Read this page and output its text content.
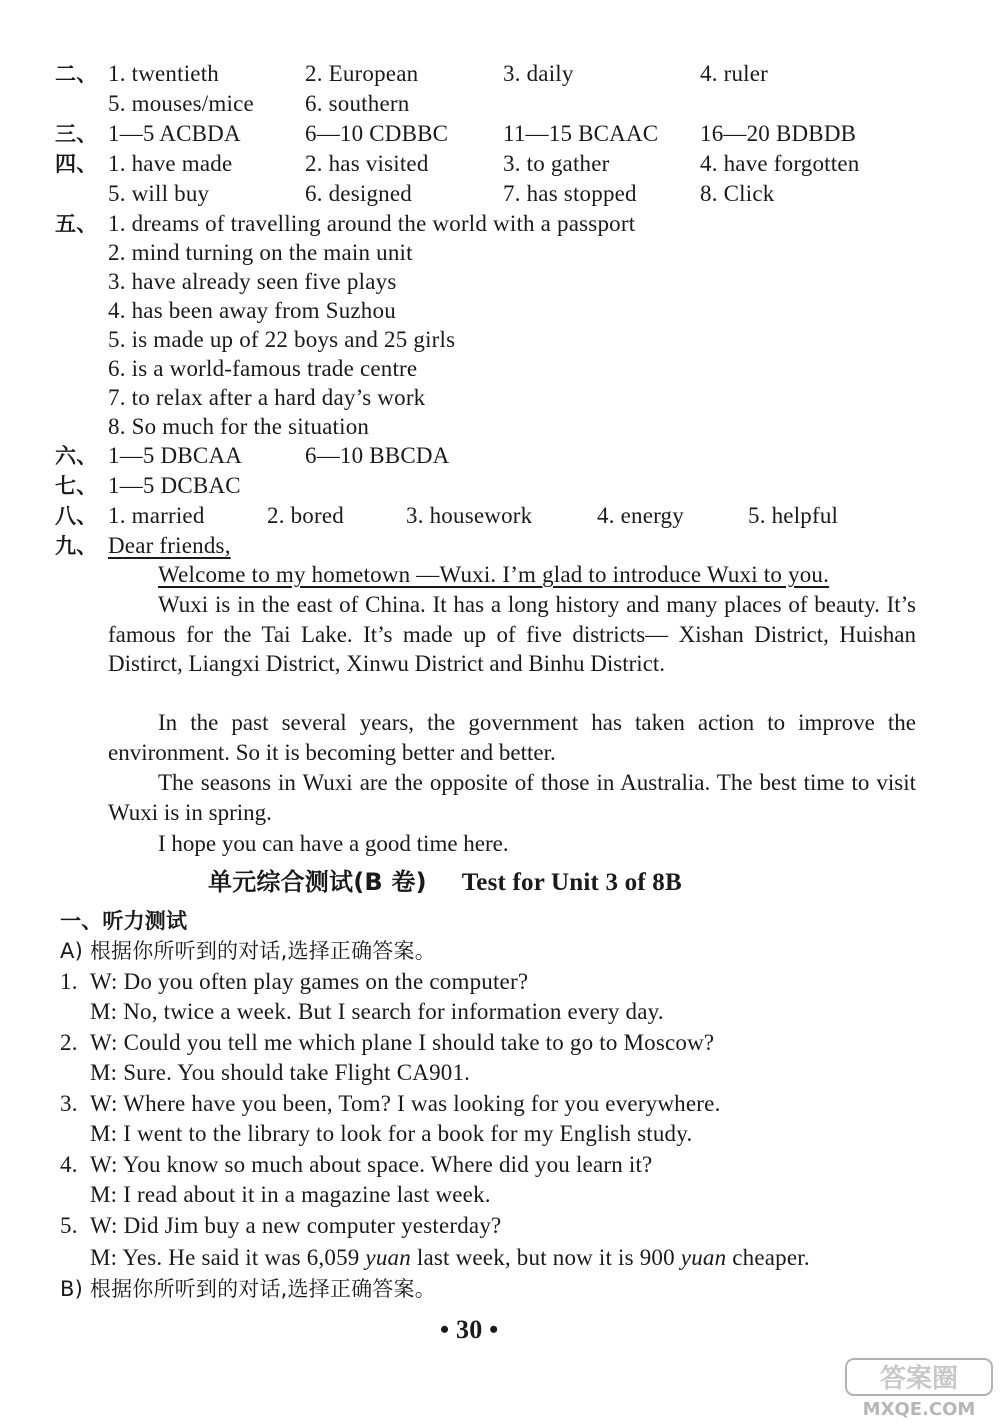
二、 1. twentieth	2. European	3. daily	4. ruler
5. mouses/mice 6. southern
三、 1—5 ACBDA	6—10 CDBBC 11—15 BCAAC 16—20 BDBDB
四、 1. have made	2. has visited	3. to gather	4. have forgotten
5. will buy	6. designed	7. has stopped	8. Click
五、 1. dreams of travelling around the world with a passport
2. mind turning on the main unit
3. have already seen five plays
4. has been away from Suzhou
5. is made up of 22 boys and 25 girls
6. is a world-famous trade centre
7. to relax after a hard day’s work
8. So much for the situation
六、 1—5 DBCAA	6—10 BBCDA
七、 1—5 DCBAC
八、 1. married	2. bored	3. housework	4. energy	5. helpful
九、 Dear friends,
Welcome to my hometown —Wuxi. I’m glad to introduce Wuxi to you.
Wuxi is in the east of China. It has a long history and many places of beauty. It’s famous for the Tai Lake. It’s made up of five districts— Xishan District, Huishan Distirct, Liangxi District, Xinwu District and Binhu District.
In the past several years, the government has taken action to improve the environment. So it is becoming better and better.
The seasons in Wuxi are the opposite of those in Australia. The best time to visit Wuxi is in spring.
I hope you can have a good time here.
单元综合测试(B 卷) Test for Unit 3 of 8B
一、听力测试
A) 根据你所听到的对话,选择正确答案。
1. W: Do you often play games on the computer?
M: No, twice a week. But I search for information every day.
2. W: Could you tell me which plane I should take to go to Moscow?
M: Sure. You should take Flight CA901.
3. W: Where have you been, Tom? I was looking for you everywhere.
M: I went to the library to look for a book for my English study.
4. W: You know so much about space. Where did you learn it?
M: I read about it in a magazine last week.
5. W: Did Jim buy a new computer yesterday?
M: Yes. He said it was 6,059 yuan last week, but now it is 900 yuan cheaper.
B) 根据你所听到的对话,选择正确答案。
• 30 •
答案圈
MXQE.COM
